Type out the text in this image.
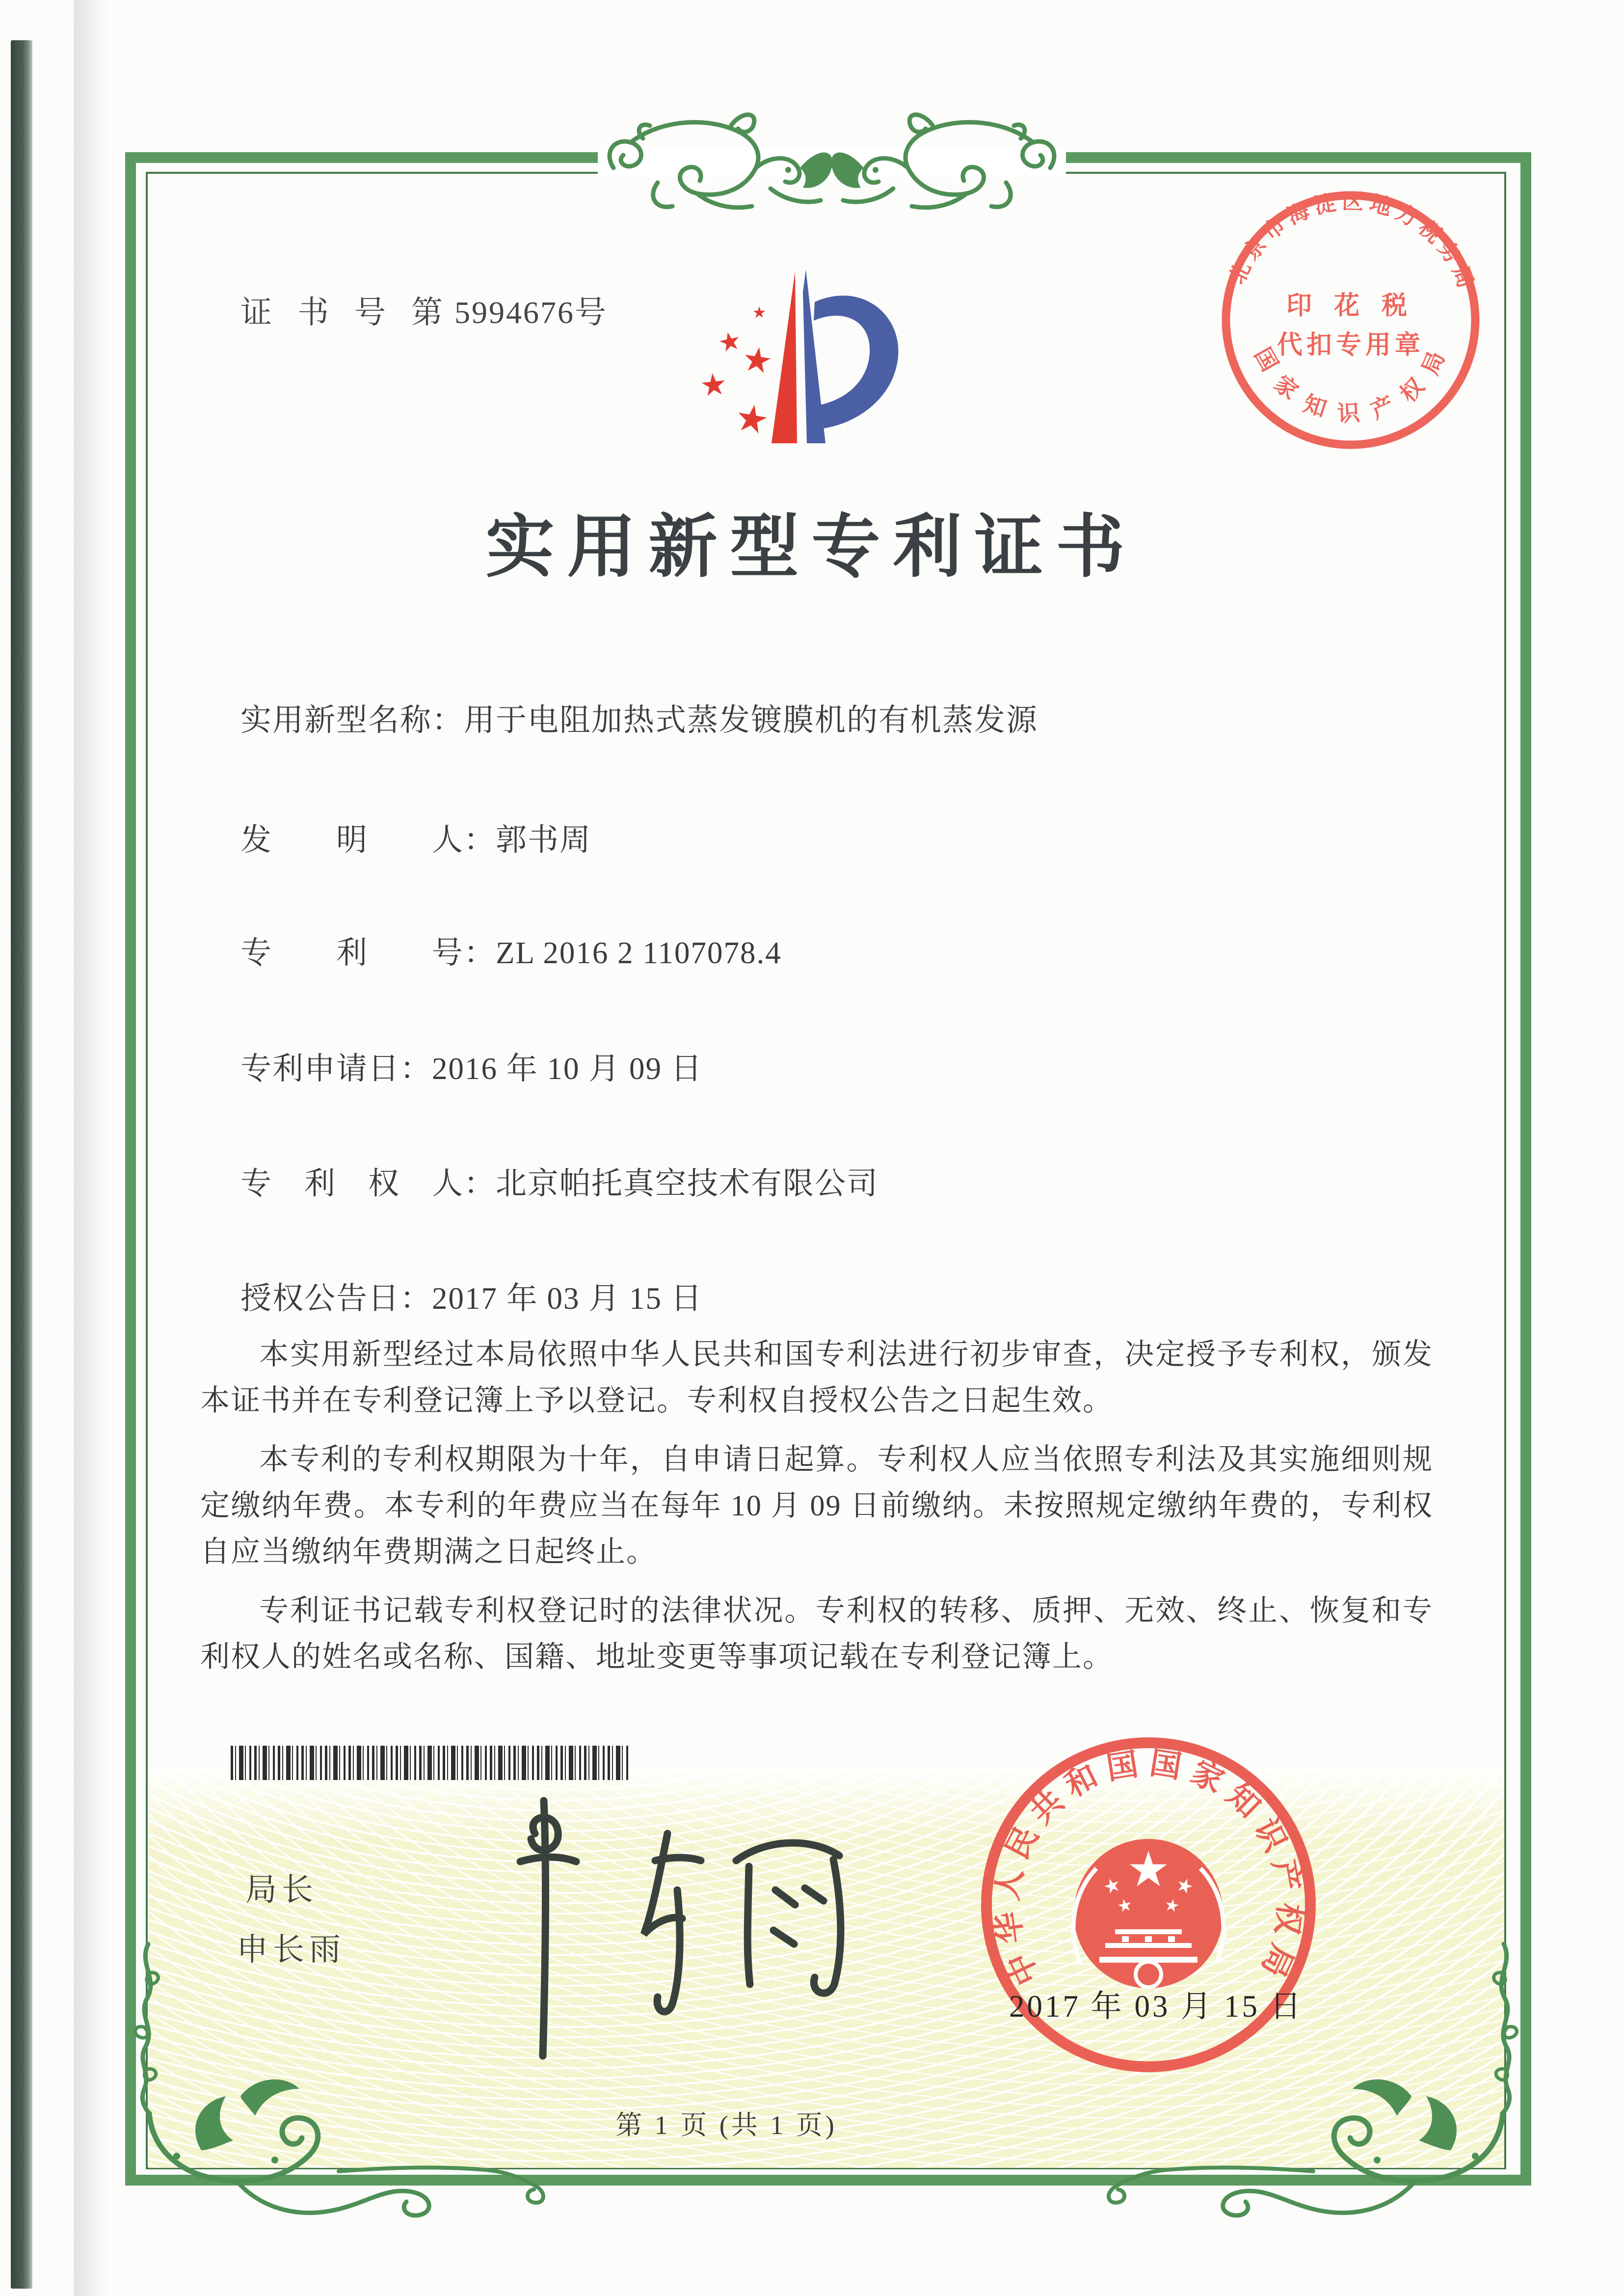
证 书 号 第5994676号
实用新型专利证书
北京市海淀区地方税务局
印 花 税
代扣专用章
国家知识产权局
实用新型名称：用于电阻加热式蒸发镀膜机的有机蒸发源
发　　明　　人：郭书周
专　　利　　号：ZL 2016 2 1107078.4
专利申请日：2016 年 10 月 09 日
专　利　权　人：北京帕托真空技术有限公司
授权公告日：2017 年 03 月 15 日

本实用新型经过本局依照中华人民共和国专利法进行初步审查，决定授予专利权，颁发本证书并在专利登记簿上予以登记。专利权自授权公告之日起生效。

本专利的专利权期限为十年，自申请日起算。专利权人应当依照专利法及其实施细则规定缴纳年费。本专利的年费应当在每年 10 月 09 日前缴纳。未按照规定缴纳年费的，专利权自应当缴纳年费期满之日起终止。

专利证书记载专利权登记时的法律状况。专利权的转移、质押、无效、终止、恢复和专利权人的姓名或名称、国籍、地址变更等事项记载在专利登记簿上。

局长
申长雨	中华人民共和国国家知识产权局
2017 年 03 月 15 日
第 1 页 (共 1 页)
